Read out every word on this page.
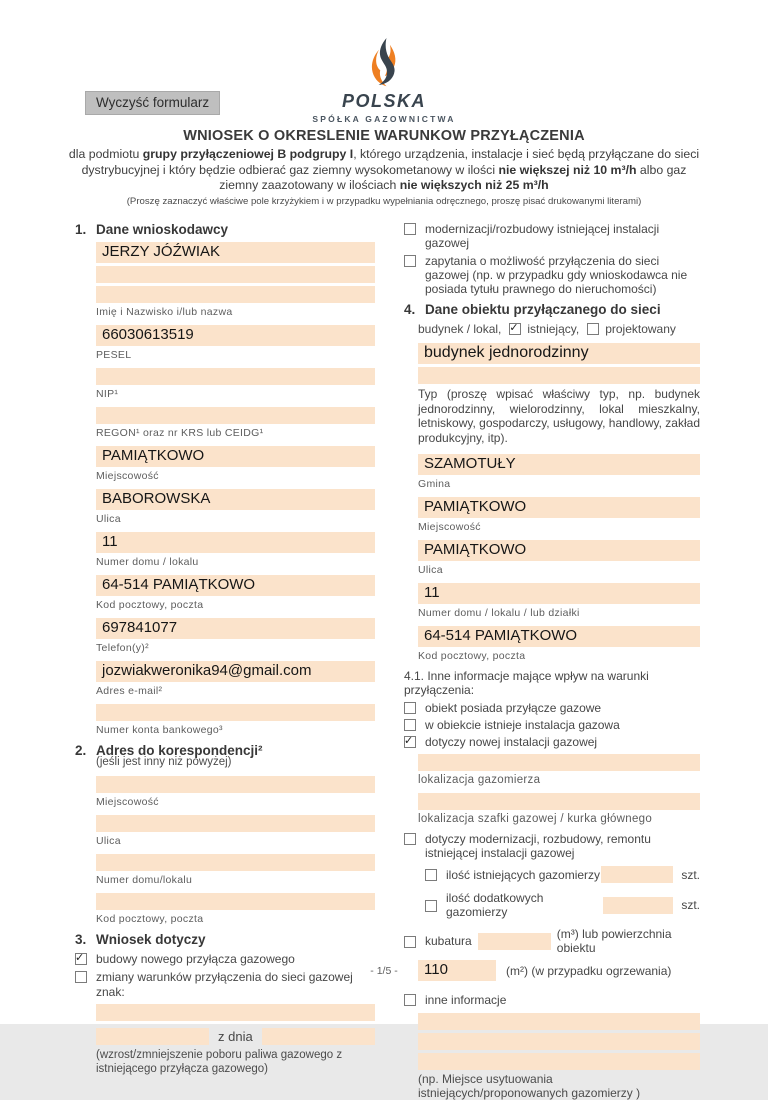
Wyczyść formularz	POLSKA
SPÓŁKA GAZOWNICTWA
WNIOSEK O OKRESLENIE WARUNKOW PRZYŁĄCZENIA
dla podmiotu grupy przyłączeniowej B podgrupy I, którego urządzenia, instalacje i sieć będą przyłączane do sieci dystrybucyjnej i który będzie odbierać gaz ziemny wysokometanowy w ilości nie większej niż 10 m³/h albo gaz ziemny zaazotowany w ilościach nie większych niż 25 m³/h
(Proszę zaznaczyć właściwe pole krzyżykiem i w przypadku wypełniania odręcznego, proszę pisać drukowanymi literami)
1. Dane wnioskodawcy
JERZY JÓŹWIAK
Imię i Nazwisko i/lub nazwa
66030613519
PESEL
NIP¹
REGON¹ oraz nr KRS lub CEIDG¹
PAMIĄTKOWO
Miejscowość
BABOROWSKA
Ulica
11
Numer domu / lokalu
64-514 PAMIĄTKOWO
Kod pocztowy, poczta
697841077
Telefon(y)²
jozwiakweronika94@gmail.com
Adres e-mail²
Numer konta bankowego³
2. Adres do korespondencji²
(jeśli jest inny niż powyżej)
Miejscowość
Ulica
Numer domu/lokalu
Kod pocztowy, poczta
3. Wniosek dotyczy
✓
budowy nowego przyłącza gazowego
zmiany warunków przyłączenia do sieci gazowej
znak:
z dnia
(wzrost/zmniejszenie poboru paliwa gazowego z istniejącego przyłącza gazowego)
modernizacji/rozbudowy istniejącej instalacji gazowej
zapytania o możliwość przyłączenia do sieci gazowej (np. w przypadku gdy wnioskodawca nie posiada tytułu prawnego do nieruchomości)
4. Dane obiektu przyłączanego do sieci
budynek / lokal, ✓ istniejący, projektowany
budynek jednorodzinny
Typ (proszę wpisać właściwy typ, np. budynek jednorodzinny, wielorodzinny, lokal mieszkalny, letniskowy, gospodarczy, usługowy, handlowy, zakład produkcyjny, itp).
SZAMOTUŁY
Gmina
PAMIĄTKOWO
Miejscowość
PAMIĄTKOWO
Ulica
11
Numer domu / lokalu / lub działki
64-514 PAMIĄTKOWO
Kod pocztowy, poczta
4.1. Inne informacje mające wpływ na warunki przyłączenia:
obiekt posiada przyłącze gazowe
w obiekcie istnieje instalacja gazowa
✓
dotyczy nowej instalacji gazowej
lokalizacja gazomierza
lokalizacja szafki gazowej / kurka głównego
dotyczy modernizacji, rozbudowy, remontu istniejącej instalacji gazowej
ilość istniejących gazomierzy	szt.
ilość dodatkowych gazomierzy	szt.
kubatura	(m³) lub powierzchnia obiektu
110	(m²) (w przypadku ogrzewania)
inne informacje
(np. Miejsce usytuowania istniejących/proponowanych gazomierzy )
- 1/5 -
